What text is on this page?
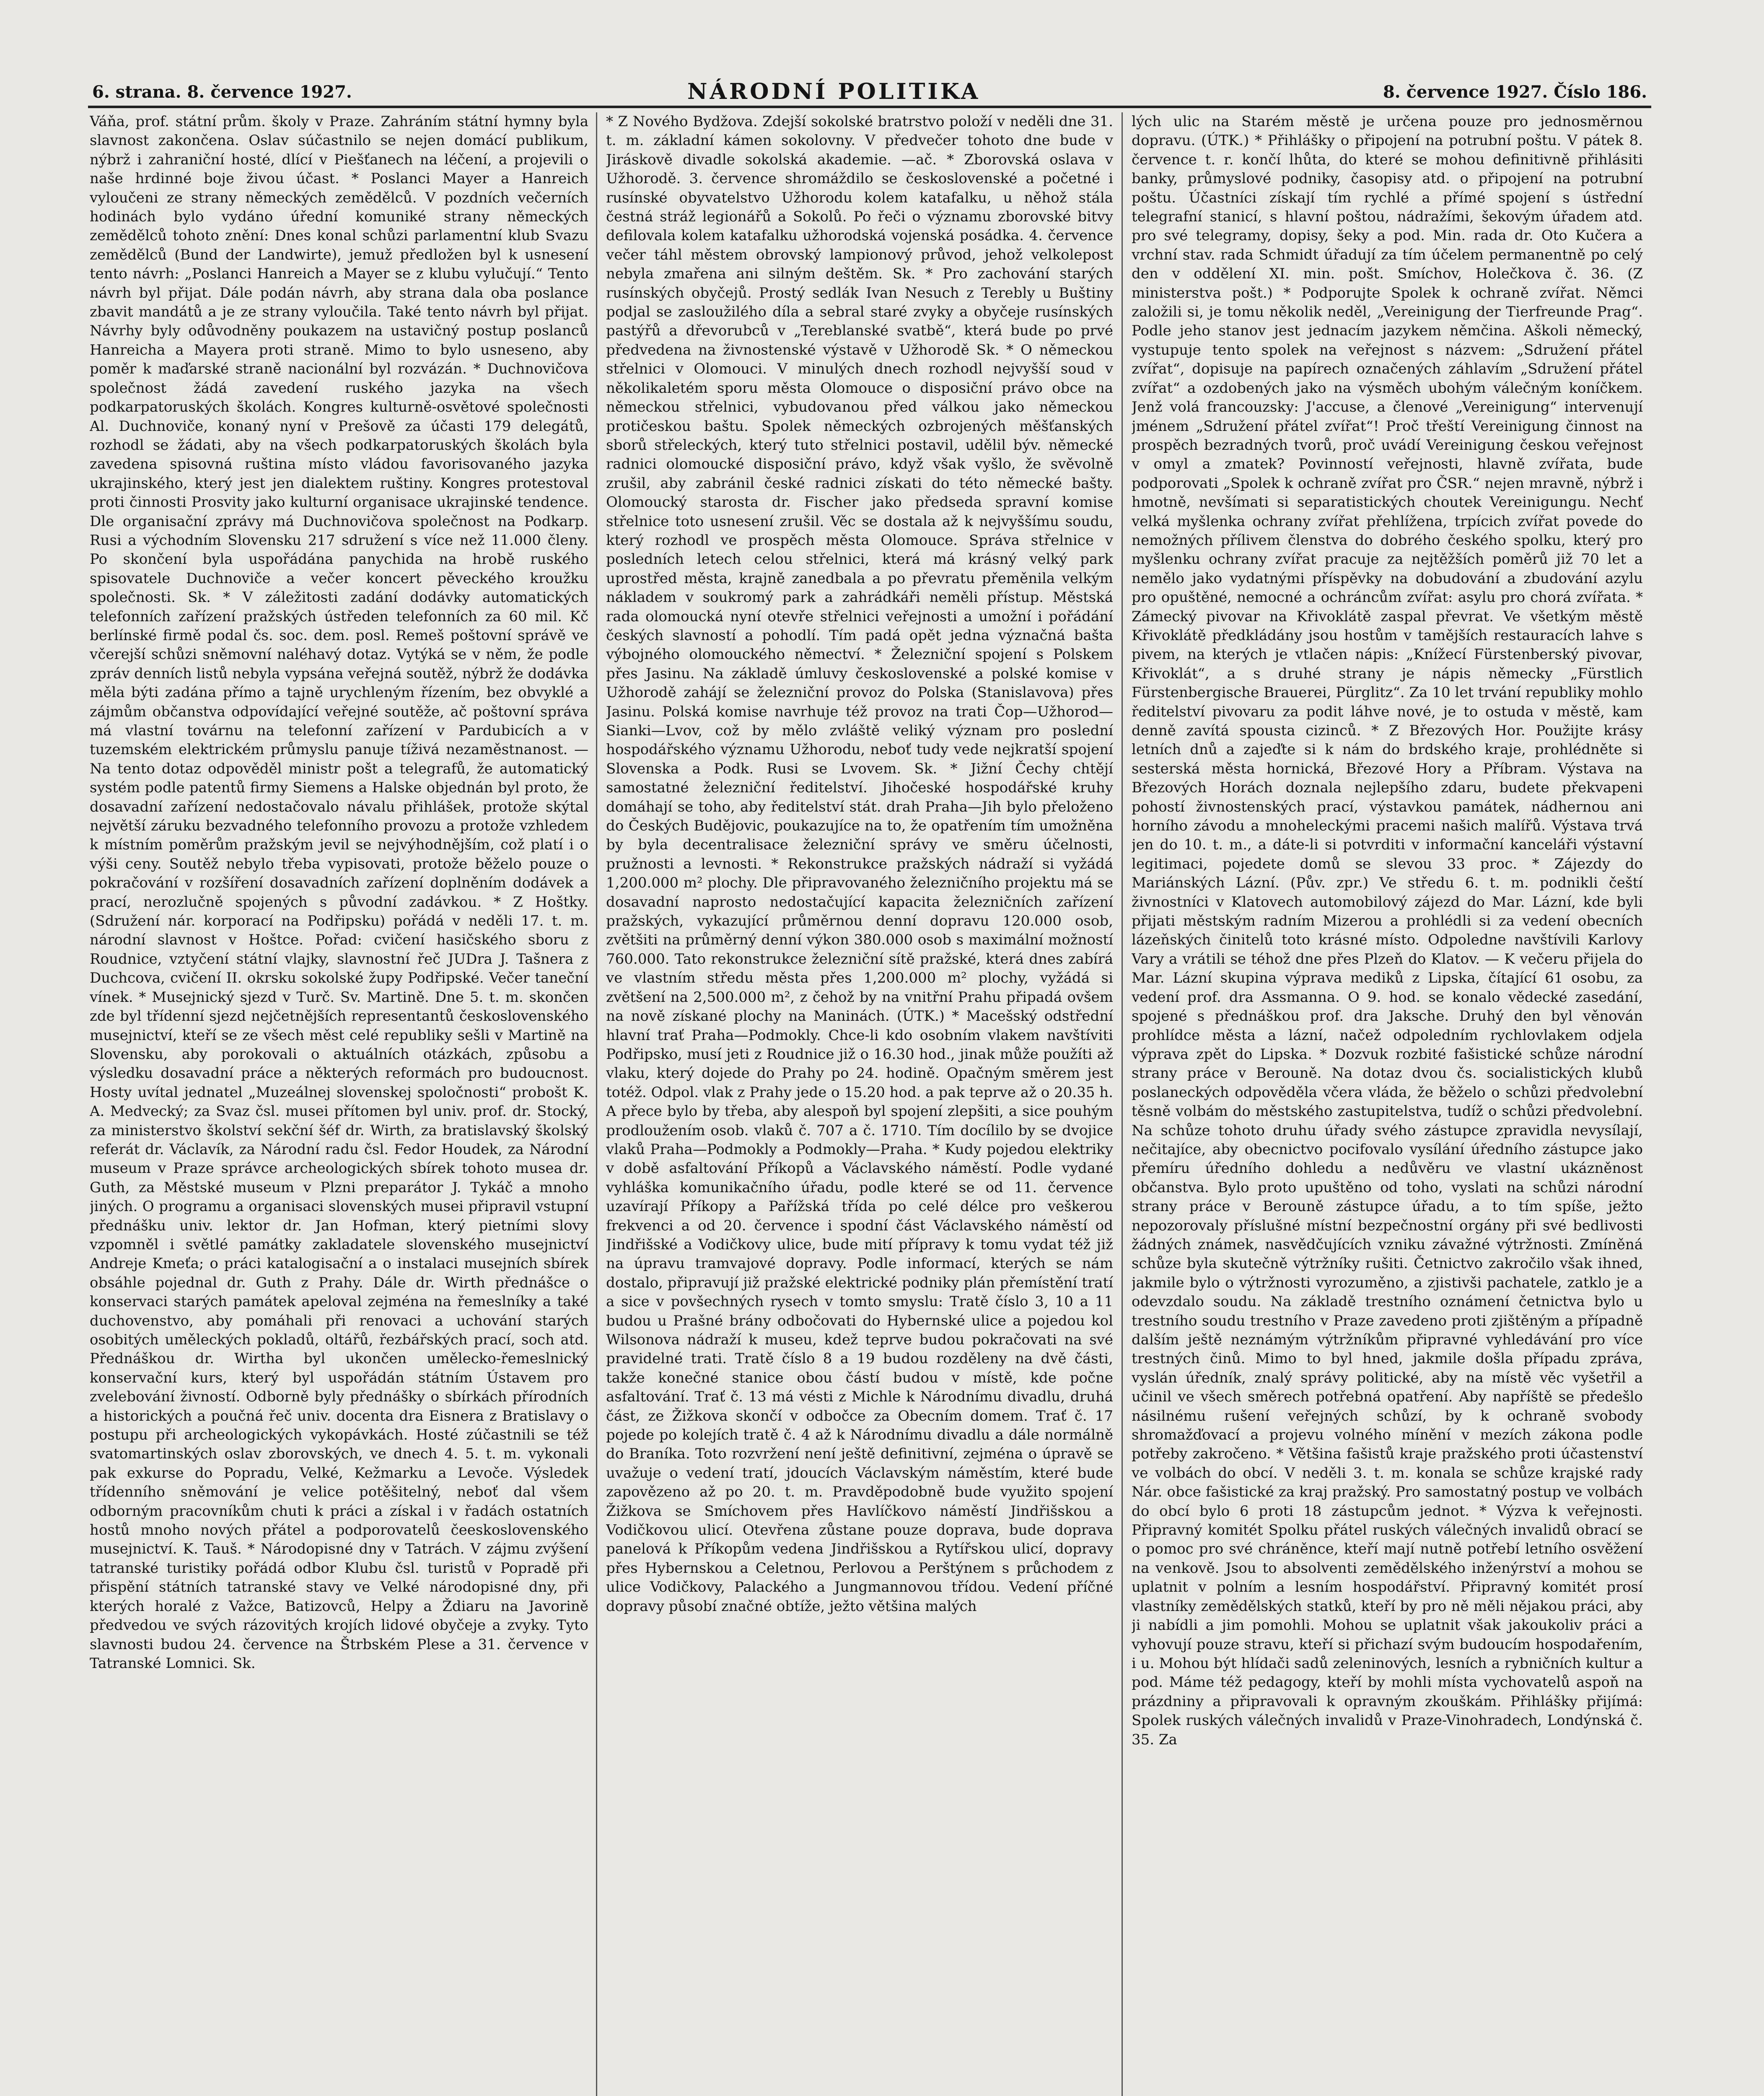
6. strana. 8. července 1927.	NÁRODNÍ POLITIKA	8. července 1927. Číslo 186.

Váňa, prof. státní prům. školy v Praze. Zahráním státní hymny byla slavnost zakončena. Oslav súčastnilo se nejen domácí publikum, nýbrž i zahraniční hosté, dlící v Piešťanech na léčení, a projevili o naše hrdinné boje živou účast. * Poslanci Mayer a Hanreich vyloučeni ze strany německých zemědělců. V pozdních večerních hodinách bylo vydáno úřední komuniké strany německých zemědělců tohoto znění: Dnes konal schůzi parlamentní klub Svazu zemědělců (Bund der Landwirte), jemuž předložen byl k usnesení tento návrh: „Poslanci Hanreich a Mayer se z klubu vylučují.“ Tento návrh byl přijat. Dále podán návrh, aby strana dala oba poslance zbavit mandátů a je ze strany vyloučila. Také tento návrh byl přijat. Návrhy byly odůvodněny poukazem na ustavičný postup poslanců Hanreicha a Mayera proti straně. Mimo to bylo usneseno, aby poměr k maďarské straně nacionální byl rozvázán. * Duchnovičova společnost žádá zavedení ruského jazyka na všech podkarpatoruských školách. Kongres kulturně-osvětové společnosti Al. Duchnoviče, konaný nyní v Prešově za účasti 179 delegátů, rozhodl se žádati, aby na všech podkarpatoruských školách byla zavedena spisovná ruština místo vládou favorisovaného jazyka ukrajinského, který jest jen dialektem ruštiny. Kongres protestoval proti činnosti Prosvity jako kulturní organisace ukrajinské tendence. Dle organisační zprávy má Duchnovičova společnost na Podkarp. Rusi a východním Slovensku 217 sdružení s více než 11.000 členy. Po skončení byla uspořádána panychida na hrobě ruského spisovatele Duchnoviče a večer koncert pěveckého kroužku společnosti. Sk. * V záležitosti zadání dodávky automatických telefonních zařízení pražských ústředen telefonních za 60 mil. Kč berlínské firmě podal čs. soc. dem. posl. Remeš poštovní správě ve včerejší schůzi sněmovní naléhavý dotaz. Vytýká se v něm, že podle zpráv denních listů nebyla vypsána veřejná soutěž, nýbrž že dodávka měla býti zadána přímo a tajně urychleným řízením, bez obvyklé a zájmům občanstva odpovídající veřejné soutěže, ač poštovní správa má vlastní továrnu na telefonní zařízení v Pardubicích a v tuzemském elektrickém průmyslu panuje tíživá nezaměstnanost. — Na tento dotaz odpověděl ministr pošt a telegrafů, že automatický systém podle patentů firmy Siemens a Halske objednán byl proto, že dosavadní zařízení nedostačovalo návalu přihlášek, protože skýtal největší záruku bezvadného telefonního provozu a protože vzhledem k místním poměrům pražským jevil se nejvýhodnějším, což platí i o výši ceny. Soutěž nebylo třeba vypisovati, protože běželo pouze o pokračování v rozšíření dosavadních zařízení doplněním dodávek a prací, nerozlučně spojených s původní zadávkou. * Z Hoštky. (Sdružení nár. korporací na Podřipsku) pořádá v neděli 17. t. m. národní slavnost v Hoštce. Pořad: cvičení hasičského sboru z Roudnice, vztyčení státní vlajky, slavnostní řeč JUDra J. Tašnera z Duchcova, cvičení II. okrsku sokolské župy Podřipské. Večer taneční vínek. * Musejnický sjezd v Turč. Sv. Martině. Dne 5. t. m. skončen zde byl třídenní sjezd nejčetnějších representantů československého musejnictví, kteří se ze všech měst celé republiky sešli v Martině na Slovensku, aby porokovali o aktuálních otázkách, způsobu a výsledku dosavadní práce a některých reformách pro budoucnost. Hosty uvítal jednatel „Muzeálnej slovenskej spoločnosti“ probošt K. A. Medvecký; za Svaz čsl. musei přítomen byl univ. prof. dr. Stocký, za ministerstvo školství sekční šéf dr. Wirth, za bratislavský školský referát dr. Václavík, za Národní radu čsl. Fedor Houdek, za Národní museum v Praze správce archeologických sbírek tohoto musea dr. Guth, za Městské museum v Plzni preparátor J. Tykáč a mnoho jiných. O programu a organisaci slovenských musei připravil vstupní přednášku univ. lektor dr. Jan Hofman, který pietními slovy vzpomněl i světlé památky zakladatele slovenského musejnictví Andreje Kmeťa; o práci katalogisační a o instalaci musejních sbírek obsáhle pojednal dr. Guth z Prahy. Dále dr. Wirth přednášce o konservaci starých památek apeloval zejména na řemeslníky a také duchovenstvo, aby pomáhali při renovaci a uchování starých osobitých uměleckých pokladů, oltářů, řezbářských prací, soch atd. Přednáškou dr. Wirtha byl ukončen umělecko-řemeslnický konservační kurs, který byl uspořádán státním Ústavem pro zvelebování živností. Odborně byly přednášky o sbírkách přírodních a historických a poučná řeč univ. docenta dra Eisnera z Bratislavy o postupu při archeologických vykopávkách. Hosté zúčastnili se též svatomartinských oslav zborovských, ve dnech 4. 5. t. m. vykonali pak exkurse do Popradu, Velké, Kežmarku a Levoče. Výsledek třídenního sněmování je velice potěšitelný, neboť dal všem odborným pracovníkům chuti k práci a získal i v řadách ostatních hostů mnoho nových přátel a podporovatelů čeeskoslovenského musejnictví. K. Tauš. * Národopisné dny v Tatrách. V zájmu zvýšení tatranské turistiky pořádá odbor Klubu čsl. turistů v Popradě při přispění státních tatranské stavy ve Velké národopisné dny, při kterých horalé z Važce, Batizovců, Helpy a Ždiaru na Javorině předvedou ve svých rázovitých krojích lidové obyčeje a zvyky. Tyto slavnosti budou 24. července na Štrbském Plese a 31. července v Tatranské Lomnici. Sk.

* Z Nového Bydžova. Zdejší sokolské bratrstvo položí v neděli dne 31. t. m. základní kámen sokolovny. V předvečer tohoto dne bude v Jiráskově divadle sokolská akademie. —ač. * Zborovská oslava v Užhorodě. 3. července shromáždilo se československé a početné i rusínské obyvatelstvo Užhorodu kolem katafalku, u něhož stála čestná stráž legionářů a Sokolů. Po řeči o významu zborovské bitvy defilovala kolem katafalku užhorodská vojenská posádka. 4. července večer táhl městem obrovský lampionový průvod, jehož velkolepost nebyla zmařena ani silným deštěm. Sk. * Pro zachování starých rusínských obyčejů. Prostý sedlák Ivan Nesuch z Terebly u Buštiny podjal se zasloužilého díla a sebral staré zvyky a obyčeje rusínských pastýřů a dřevorubců v „Tereblanské svatbě“, která bude po prvé předvedena na živnostenské výstavě v Užhorodě Sk. * O německou střelnici v Olomouci. V minulých dnech rozhodl nejvyšší soud v několikaletém sporu města Olomouce o disposiční právo obce na německou střelnici, vybudovanou před válkou jako německou protičeskou baštu. Spolek německých ozbrojených měšťanských sborů střeleckých, který tuto střelnici postavil, udělil býv. německé radnici olomoucké disposiční právo, když však vyšlo, že svěvolně zrušil, aby zabránil české radnici získati do této německé bašty. Olomoucký starosta dr. Fischer jako předseda spravní komise střelnice toto usnesení zrušil. Věc se dostala až k nejvyššímu soudu, který rozhodl ve prospěch města Olomouce. Správa střelnice v posledních letech celou střelnici, která má krásný velký park uprostřed města, krajně zanedbala a po převratu přeměnila velkým nákladem v soukromý park a zahrádkáři neměli přístup. Městská rada olomoucká nyní otevře střelnici veřejnosti a umožní i pořádání českých slavností a pohodlí. Tím padá opět jedna význačná bašta výbojného olomouckého němectví. * Železniční spojení s Polskem přes Jasinu. Na základě úmluvy československé a polské komise v Užhorodě zahájí se železniční provoz do Polska (Stanislavova) přes Jasinu. Polská komise navrhuje též provoz na trati Čop—Užhorod—Sianki—Lvov, což by mělo zvláště veliký význam pro poslední hospodářského významu Užhorodu, neboť tudy vede nejkratší spojení Slovenska a Podk. Rusi se Lvovem. Sk. * Jižní Čechy chtějí samostatné železniční ředitelství. Jihočeské hospodářské kruhy domáhají se toho, aby ředitelství stát. drah Praha—Jih bylo přeloženo do Českých Budějovic, poukazujíce na to, že opatřením tím umožněna by byla decentralisace železniční správy ve směru účelnosti, pružnosti a levnosti. * Rekonstrukce pražských nádraží si vyžádá 1,200.000 m² plochy. Dle připravovaného železničního projektu má se dosavadní naprosto nedostačující kapacita železničních zařízení pražských, vykazující průměrnou denní dopravu 120.000 osob, zvětšiti na průměrný denní výkon 380.000 osob s maximální možností 760.000. Tato rekonstrukce železniční sítě pražské, která dnes zabírá ve vlastním středu města přes 1,200.000 m² plochy, vyžádá si zvětšení na 2,500.000 m², z čehož by na vnitřní Prahu připadá ovšem na nově získané plochy na Maninách. (ÚTK.) * Macešský odstřední hlavní trať Praha—Podmokly. Chce-li kdo osobním vlakem navštíviti Podřipsko, musí jeti z Roudnice již o 16.30 hod., jinak může použíti až vlaku, který dojede do Prahy po 24. hodině. Opačným směrem jest totéž. Odpol. vlak z Prahy jede o 15.20 hod. a pak teprve až o 20.35 h. A přece bylo by třeba, aby alespoň byl spojení zlepšiti, a sice pouhým prodloužením osob. vlaků č. 707 a č. 1710. Tím docílilo by se dvojice vlaků Praha—Podmokly a Podmokly—Praha. * Kudy pojedou elektriky v době asfaltování Příkopů a Václavského náměstí. Podle vydané vyhláška komunikačního úřadu, podle které se od 11. července uzavírají Příkopy a Pařížská třída po celé délce pro veškerou frekvenci a od 20. července i spodní část Václavského náměstí od Jindřišské a Vodičkovy ulice, bude mití přípravy k tomu vydat též již na úpravu tramvajové dopravy. Podle informací, kterých se nám dostalo, připravují již pražské elektrické podniky plán přemístění tratí a sice v povšechných rysech v tomto smyslu: Tratě číslo 3, 10 a 11 budou u Prašné brány odbočovati do Hybernské ulice a pojedou kol Wilsonova nádraží k museu, kdež teprve budou pokračovati na své pravidelné trati. Tratě číslo 8 a 19 budou rozděleny na dvě části, takže konečné stanice obou částí budou v místě, kde počne asfaltování. Trať č. 13 má vésti z Michle k Národnímu divadlu, druhá část, ze Žižkova skončí v odbočce za Obecním domem. Trať č. 17 pojede po kolejích tratě č. 4 až k Národnímu divadlu a dále normálně do Braníka. Toto rozvržení není ještě definitivní, zejména o úpravě se uvažuje o vedení tratí, jdoucích Václavským náměstím, které bude zapovězeno až po 20. t. m. Pravděpodobně bude využito spojení Žižkova se Smíchovem přes Havlíčkovo náměstí Jindřišskou a Vodičkovou ulicí. Otevřena zůstane pouze doprava, bude doprava panelová k Příkopům vedena Jindřišskou a Rytířskou ulicí, dopravy přes Hybernskou a Celetnou, Perlovou a Perštýnem s průchodem z ulice Vodičkovy, Palackého a Jungmannovou třídou. Vedení příčné dopravy působí značné obtíže, ježto většina malých

lých ulic na Starém městě je určena pouze pro jednosměrnou dopravu. (ÚTK.) * Přihlášky o připojení na potrubní poštu. V pátek 8. července t. r. končí lhůta, do které se mohou definitivně přihlásiti banky, průmyslové podniky, časopisy atd. o připojení na potrubní poštu. Účastníci získají tím rychlé a přímé spojení s ústřední telegrafní stanicí, s hlavní poštou, nádražími, šekovým úřadem atd. pro své telegramy, dopisy, šeky a pod. Min. rada dr. Oto Kučera a vrchní stav. rada Schmidt úřadují za tím účelem permanentně po celý den v oddělení XI. min. pošt. Smíchov, Holečkova č. 36. (Z ministerstva pošt.) * Podporujte Spolek k ochraně zvířat. Němci založili si, je tomu několik neděl, „Vereinigung der Tierfreunde Prag“. Podle jeho stanov jest jednacím jazykem němčina. Aškoli německý, vystupuje tento spolek na veřejnost s názvem: „Sdružení přátel zvířat“, dopisuje na papírech označených záhlavím „Sdružení přátel zvířat“ a ozdobených jako na výsměch ubohým válečným koníčkem. Jenž volá francouzsky: J'accuse, a členové „Vereinigung“ intervenují jménem „Sdružení přátel zvířat“! Proč třeští Vereinigung činnost na prospěch bezradných tvorů, proč uvádí Vereinigung českou veřejnost v omyl a zmatek? Povinností veřejnosti, hlavně zvířata, bude podporovati „Spolek k ochraně zvířat pro ČSR.“ nejen mravně, nýbrž i hmotně, nevšímati si separatistických choutek Vereinigungu. Nechť velká myšlenka ochrany zvířat přehlížena, trpícich zvířat povede do nemožných přílivem členstva do dobrého českého spolku, který pro myšlenku ochrany zvířat pracuje za nejtěžších poměrů již 70 let a nemělo jako vydatnými příspěvky na dobudování a zbudování azylu pro opuštěné, nemocné a ochráncům zvířat: asylu pro chorá zvířata. * Zámecký pivovar na Křivoklátě zaspal převrat. Ve všetkým městě Křivoklátě předkládány jsou hostům v tamějších restauracích lahve s pivem, na kterých je vtlačen nápis: „Knížecí Fürstenberský pivovar, Křivoklát“, a s druhé strany je nápis německy „Fürstlich Fürstenbergische Brauerei, Pürglitz“. Za 10 let trvání republiky mohlo ředitelství pivovaru za podit láhve nové, je to ostuda v městě, kam denně zavítá spousta cizinců. * Z Březových Hor. Použijte krásy letních dnů a zajeďte si k nám do brdského kraje, prohlédněte si sesterská města hornická, Březové Hory a Příbram. Výstava na Březových Horách doznala nejlepšího zdaru, budete překvapeni pohostí živnostenských prací, výstavkou památek, nádhernou ani horního závodu a mnoheleckými pracemi našich malířů. Výstava trvá jen do 10. t. m., a dáte-li si potvrditi v informační kanceláři výstavní legitimaci, pojedete domů se slevou 33 proc. * Zájezdy do Mariánských Lázní. (Pův. zpr.) Ve středu 6. t. m. podnikli čeští živnostníci v Klatovech automobilový zájezd do Mar. Lázní, kde byli přijati městským radním Mizerou a prohlédli si za vedení obecních lázeňských činitelů toto krásné místo. Odpoledne navštívili Karlovy Vary a vrátili se téhož dne přes Plzeň do Klatov. — K večeru přijela do Mar. Lázní skupina výprava mediků z Lipska, čítající 61 osobu, za vedení prof. dra Assmanna. O 9. hod. se konalo vědecké zasedání, spojené s přednáškou prof. dra Jaksche. Druhý den byl věnován prohlídce města a lázní, načež odpoledním rychlovlakem odjela výprava zpět do Lipska. * Dozvuk rozbité fašistické schůze národní strany práce v Berouně. Na dotaz dvou čs. socialistických klubů poslaneckých odpověděla včera vláda, že běželo o schůzi předvolební těsně volbám do městského zastupitelstva, tudíž o schůzi předvolební. Na schůze tohoto druhu úřady svého zástupce zpravidla nevysílají, nečitajíce, aby obecnictvo pocifovalo vysílání úředního zástupce jako přemíru úředního dohledu a nedůvěru ve vlastní ukázněnost občanstva. Bylo proto upuštěno od toho, vyslati na schůzi národní strany práce v Berouně zástupce úřadu, a to tím spíše, ježto nepozorovaly příslušné místní bezpečnostní orgány při své bedlivosti žádných známek, nasvědčujících vzniku závažné výtržnosti. Zmíněná schůze byla skutečně výtržníky rušiti. Četnictvo zakročilo však ihned, jakmile bylo o výtržnosti vyrozuměno, a zjistivši pachatele, zatklo je a odevzdalo soudu. Na základě trestního oznámení četnictva bylo u trestního soudu trestního v Praze zavedeno proti zjištěným a případně dalším ještě neznámým výtržníkům připravné vyhledávání pro více trestných činů. Mimo to byl hned, jakmile došla případu zpráva, vyslán úředník, znalý správy politické, aby na místě věc vyšetřil a učinil ve všech směrech potřebná opatření. Aby napříště se předešlo násilnému rušení veřejných schůzí, by k ochraně svobody shromažďovací a projevu volného mínění v mezích zákona podle potřeby zakročeno. * Většina fašistů kraje pražského proti účastenství ve volbách do obcí. V neděli 3. t. m. konala se schůze krajské rady Nár. obce fašistické za kraj pražský. Pro samostatný postup ve volbách do obcí bylo 6 proti 18 zástupcům jednot. * Výzva k veřejnosti. Připravný komitét Spolku přátel ruských válečných invalidů obrací se o pomoc pro své chráněnce, kteří mají nutně potřebí letního osvěžení na venkově. Jsou to absolventi zemědělského inženýrství a mohou se uplatnit v polním a lesním hospodářství. Připravný komitét prosí vlastníky zemědělských statků, kteří by pro ně měli nějakou práci, aby ji nabídli a jim pomohli. Mohou se uplatnit však jakoukoliv práci a vyhovují pouze stravu, kteří si přichazí svým budoucím hospodařením, i u. Mohou být hlídači sadů zeleninových, lesních a rybničních kultur a pod. Máme též pedagogy, kteří by mohli místa vychovatelů aspoň na prázdniny a připravovali k opravným zkouškám. Přihlášky přijímá: Spolek ruských válečných invalidů v Praze-Vinohradech, Londýnská č. 35. Za
